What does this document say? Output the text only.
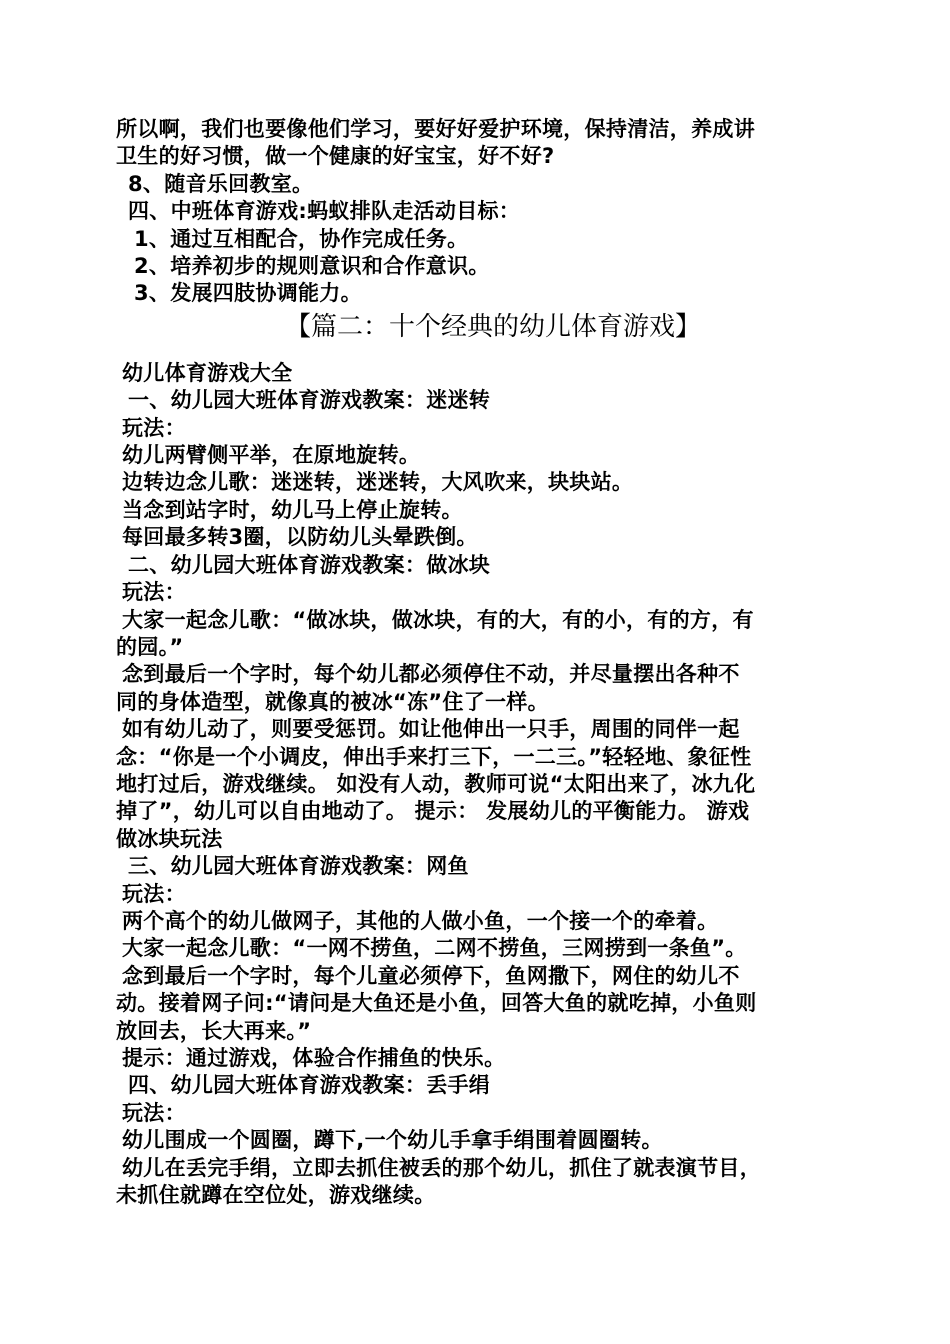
所以啊，我们也要像他们学习，要好好爱护环境，保持清洁，养成讲
卫生的好习惯，做一个健康的好宝宝，好不好?
8、随音乐回教室。
四、中班体育游戏:蚂蚁排队走活动目标：
1、通过互相配合，协作完成任务。
2、培养初步的规则意识和合作意识。
3、发展四肢协调能力。
【篇二：十个经典的幼儿体育游戏】
幼儿体育游戏大全
一、幼儿园大班体育游戏教案：迷迷转
玩法：
幼儿两臂侧平举，在原地旋转。
边转边念儿歌：迷迷转，迷迷转，大风吹来，块块站。
当念到站字时，幼儿马上停止旋转。
每回最多转3圈，以防幼儿头晕跌倒。
二、幼儿园大班体育游戏教案：做冰块
玩法：
大家一起念儿歌：“做冰块，做冰块，有的大，有的小，有的方，有
的园。”
念到最后一个字时，每个幼儿都必须停住不动，并尽量摆出各种不
同的身体造型，就像真的被冰“冻”住了一样。
如有幼儿动了，则要受惩罚。如让他伸出一只手，周围的同伴一起
念：“你是一个小调皮，伸出手来打三下，一二三。”轻轻地、象征性
地打过后，游戏继续。 如没有人动，教师可说“太阳出来了，冰九化
掉了”，幼儿可以自由地动了。 提示： 发展幼儿的平衡能力。 游戏
做冰块玩法
三、幼儿园大班体育游戏教案：网鱼
玩法：
两个高个的幼儿做网子，其他的人做小鱼，一个接一个的牵着。
大家一起念儿歌：“一网不捞鱼，二网不捞鱼，三网捞到一条鱼”。
念到最后一个字时，每个儿童必须停下，鱼网撒下，网住的幼儿不
动。接着网子问:“请问是大鱼还是小鱼，回答大鱼的就吃掉，小鱼则
放回去，长大再来。”
提示：通过游戏，体验合作捕鱼的快乐。
四、幼儿园大班体育游戏教案：丢手绢
玩法：
幼儿围成一个圆圈，蹲下,一个幼儿手拿手绢围着圆圈转。
幼儿在丢完手绢，立即去抓住被丢的那个幼儿，抓住了就表演节目，
未抓住就蹲在空位处，游戏继续。
